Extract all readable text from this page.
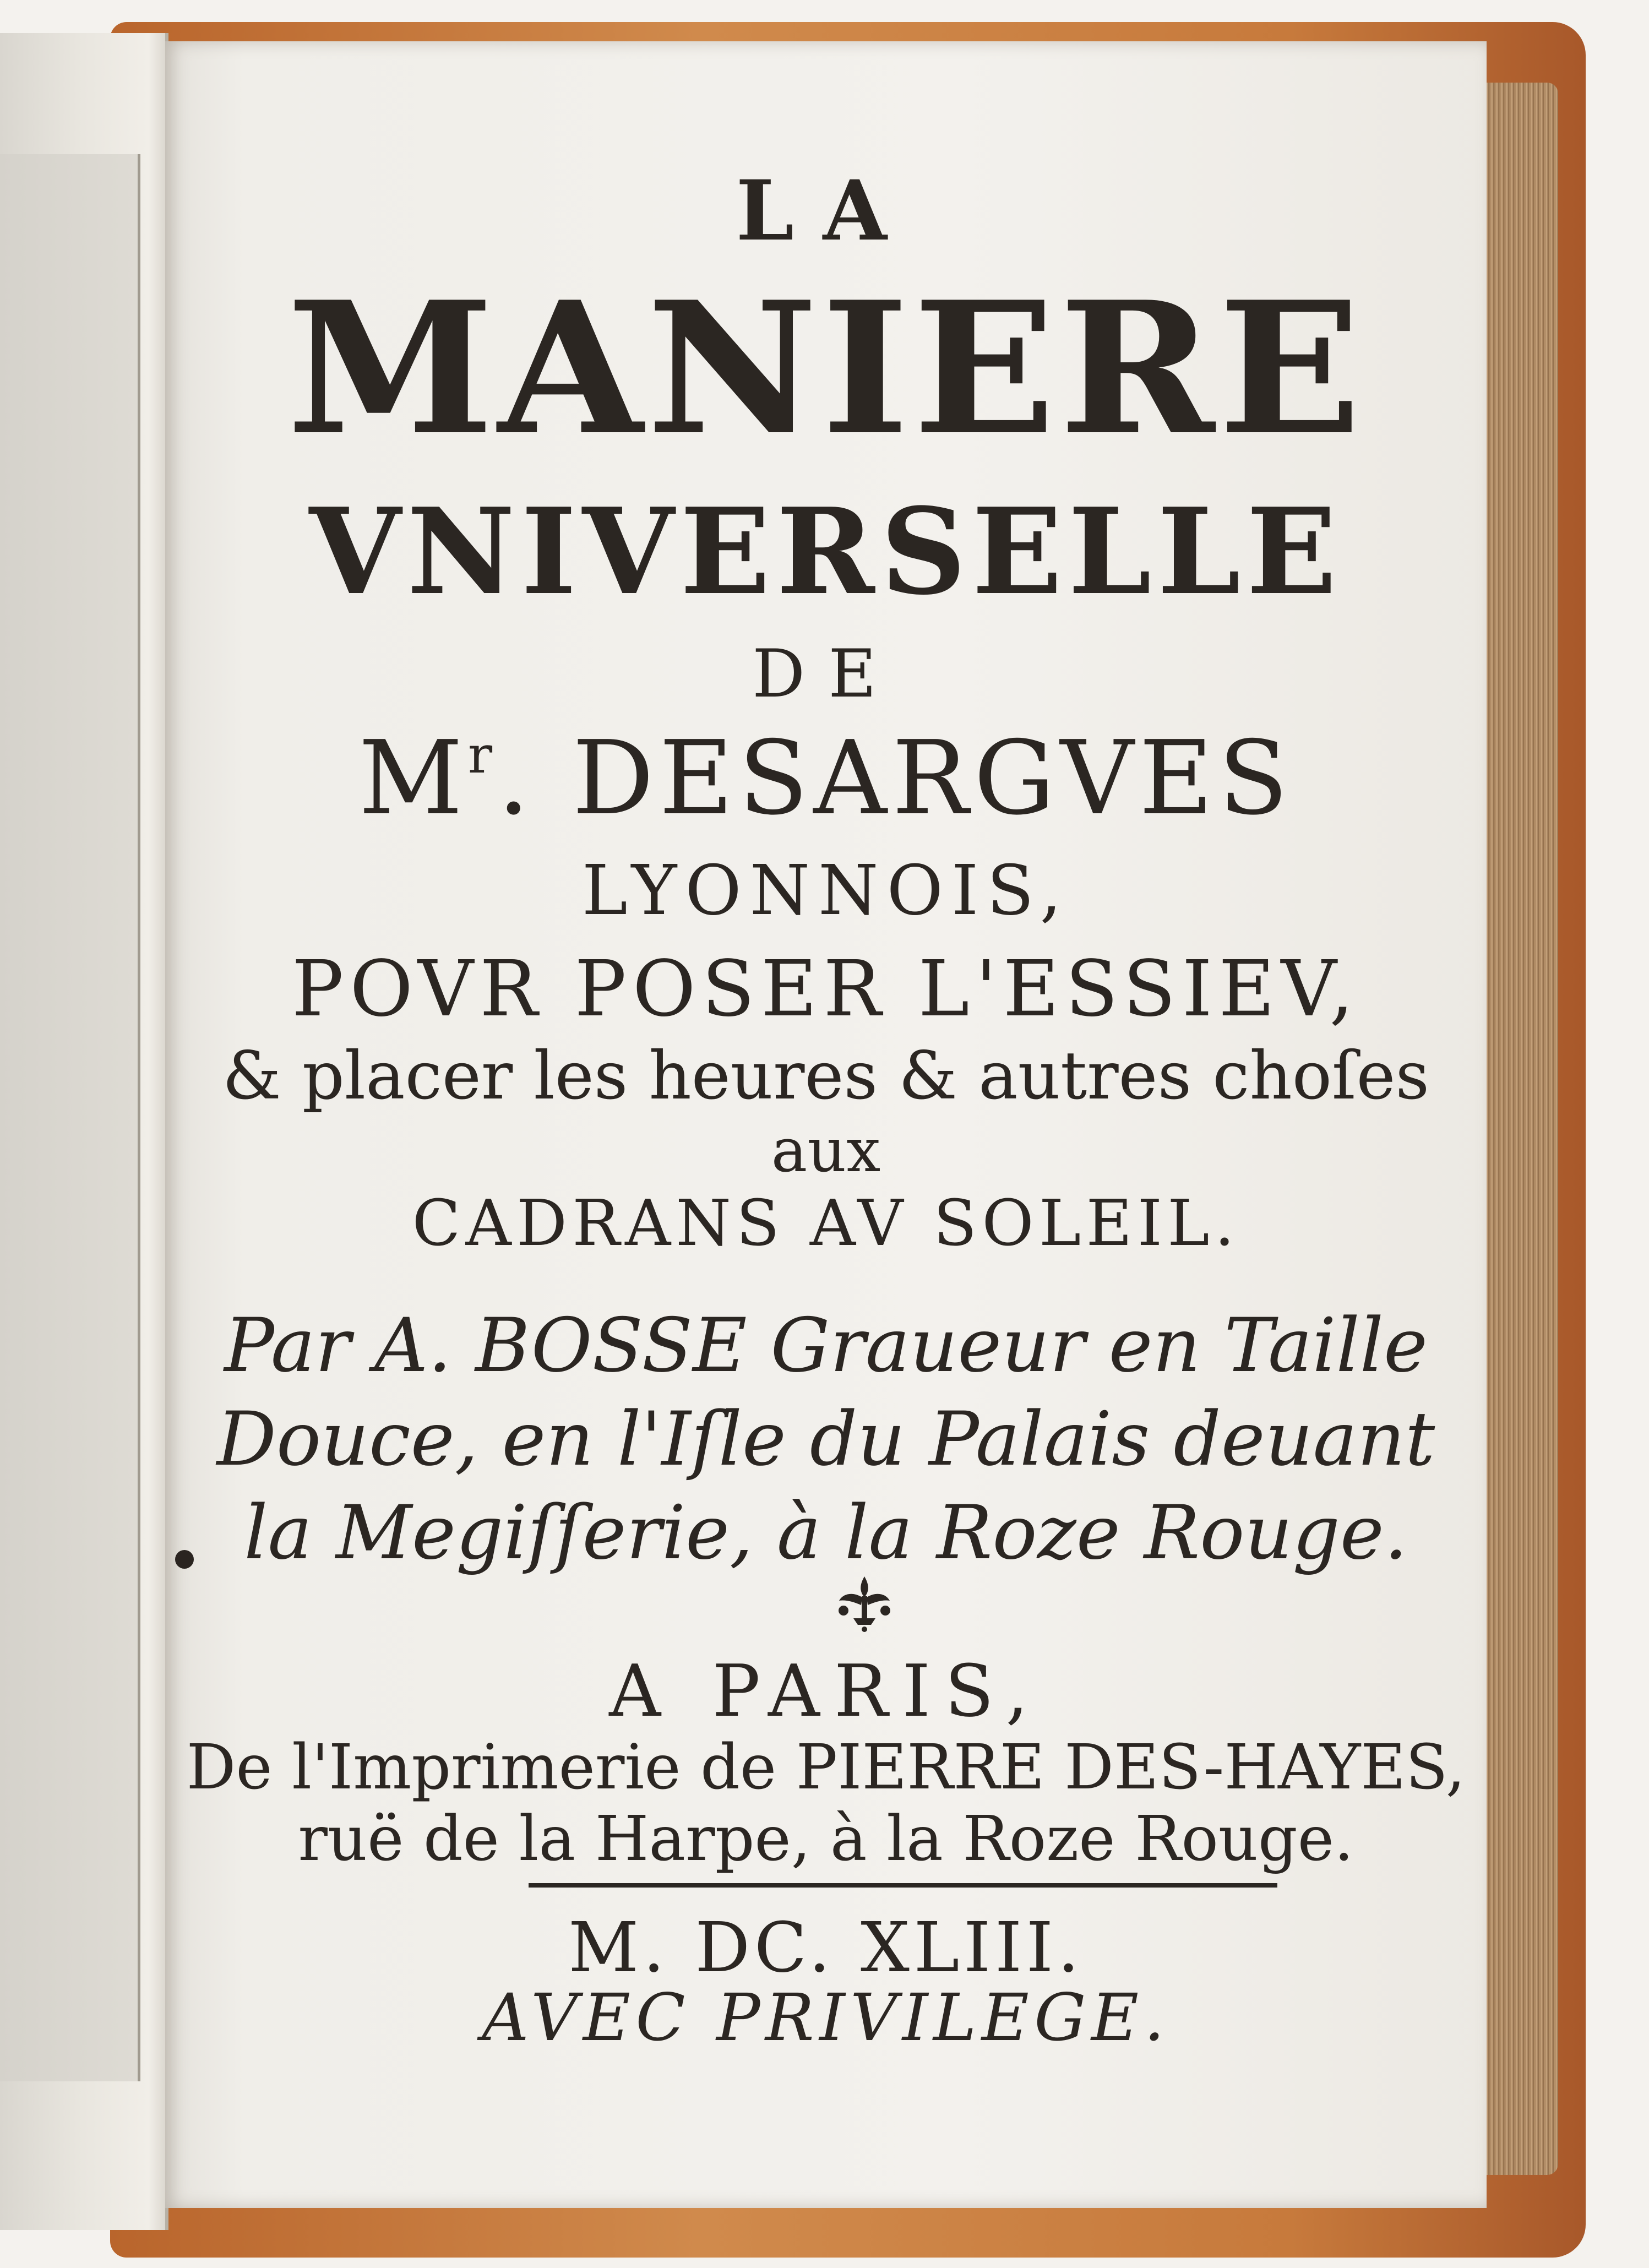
LA
MANIERE
VNIVERSELLE
DE
$M^r$. DESARGVES
LYONNOIS,
POVR POSER L'ESSIEV,
& placer les heures & autres choſes
aux
CADRANS AV SOLEIL.
Par A. BOSSE Graueur en Taille
Douce, en l'Iſle du Palais deuant
la Megiſſerie, à la Roze Rouge.
A PARIS,
De l'Imprimerie de PIERRE DES-HAYES,
ruë de la Harpe, à la Roze Rouge.
M. DC. XLIII.
AVEC PRIVILEGE.
